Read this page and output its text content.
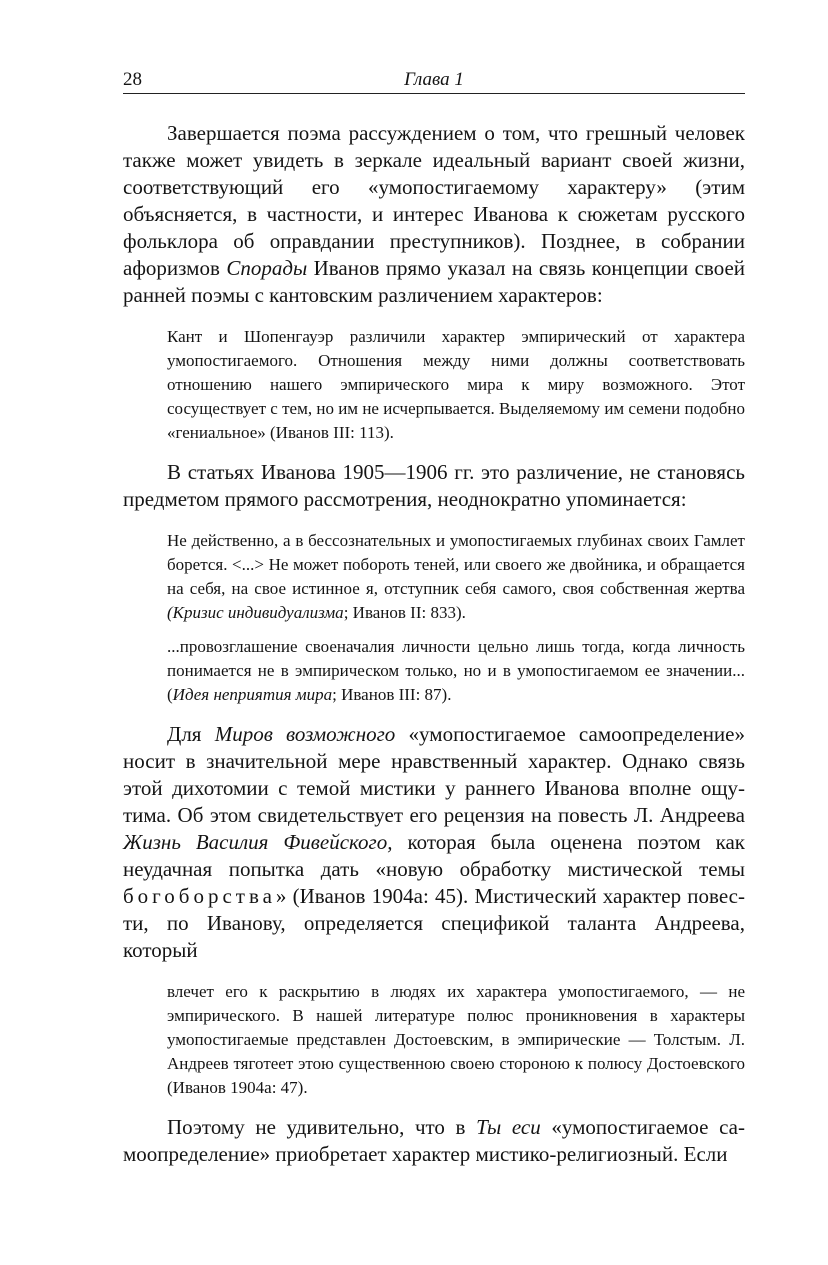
28	Глава 1

Завершается поэма рассуждением о том, что грешный человек также может увидеть в зеркале идеальный вариант своей жизни, соответствующий его «умопостигаемому характеру» (этим объясняется, в частности, и интерес Иванова к сюжетам русского фольклора об оправдании преступников). Позднее, в собрании афоризмов Спорады Иванов прямо указал на связь концепции своей ранней поэмы с кантовским различением характеров:

Кант и Шопенгауэр различили характер эмпирический от характера умопостигаемого. Отношения между ними должны соответствовать отношению нашего эмпирического мира к миру возможного. Этот сосуществует с тем, но им не исчерпывается. Выделяемому им семени подобно «гениальное» (Иванов III: 113).

В статьях Иванова 1905—1906 гг. это различение, не становясь предметом прямого рассмотрения, неоднократно упоминается:

Не действенно, а в бессознательных и умопостигаемых глубинах своих Гамлет борется. <...> Не может побороть теней, или своего же двойника, и обращается на себя, на свое истинное я, отступник себя самого, своя собственная жертва (Кризис индивидуализма; Иванов II: 833).

...провозглашение своеначалия личности цельно лишь тогда, когда личность понимается не в эмпирическом только, но и в умопостигаемом ее значении... (Идея неприятия мира; Иванов III: 87).

Для Миров возможного «умопостигаемое самоопределение» носит в значительной мере нравственный характер. Однако связь этой дихотомии с темой мистики у раннего Иванова вполне ощутима. Об этом свидетельствует его рецензия на повесть Л. Андреева Жизнь Василия Фивейского, которая была оценена поэтом как неудачная попытка дать «новую обработку мистической темы богоборства» (Иванов 1904а: 45). Мистический характер повести, по Иванову, определяется спецификой таланта Андреева, который

влечет его к раскрытию в людях их характера умопостигаемого, — не эмпирического. В нашей литературе полюс проникновения в характеры умопостигаемые представлен Достоевским, в эмпирические — Толстым. Л. Андреев тяготеет этою существенною своею стороною к полюсу Достоевского (Иванов 1904а: 47).

Поэтому не удивительно, что в Ты еси «умопостигаемое самоопределение» приобретает характер мистико-религиозный. Если
